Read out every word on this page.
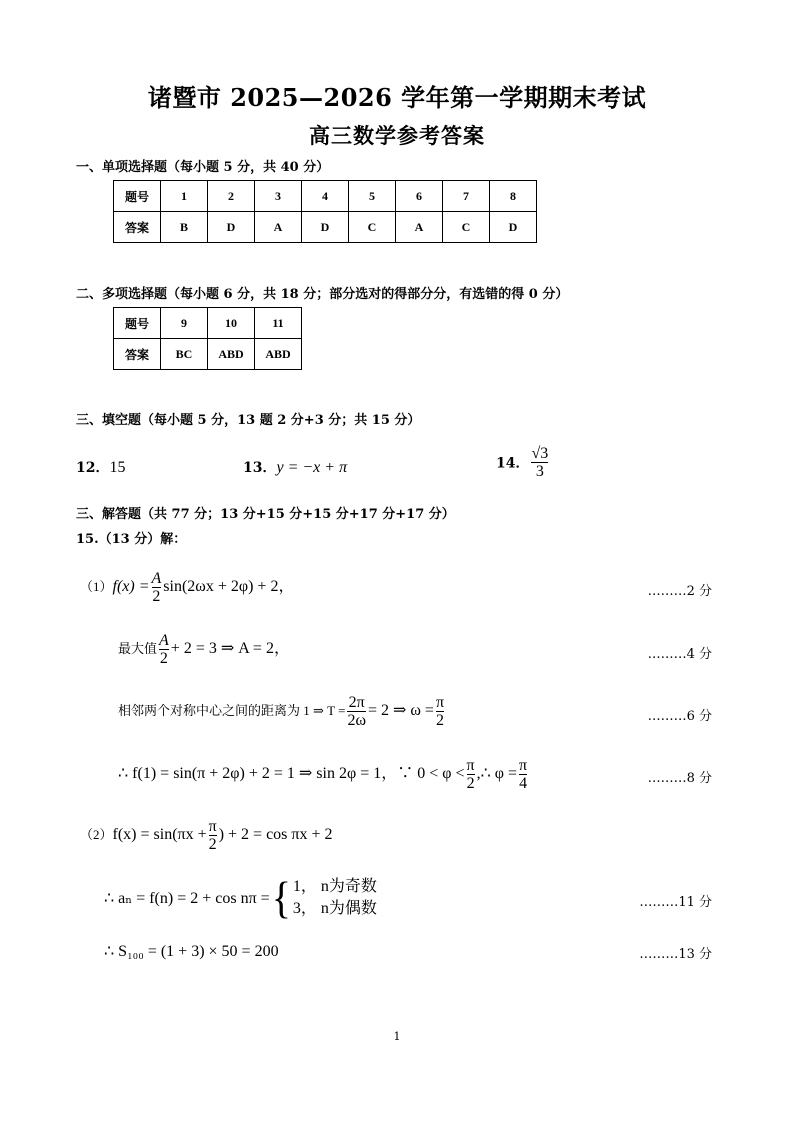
诸暨市 2025—2026 学年第一学期期末考试
高三数学参考答案
一、单项选择题（每小题 5 分，共 40 分）
题号	1	2	3	4	5	6	7	8
答案	B	D	A	D	C	A	C	D
二、多项选择题（每小题 6 分，共 18 分；部分选对的得部分分，有选错的得 0 分）
题号	9	10	11
答案	BC	ABD	ABD
三、填空题（每小题 5 分，13 题 2 分+3 分；共 15 分）
12．15	13．y = −x + π	14． $\frac{√3}{3}$
三、解答题（共 77 分；13 分+15 分+15 分+17 分+17 分）
15.（13 分）解：
$(1)f(x) = \frac{A}{2} \sin(2\omega x + 2\varphi) + 2$，	………2 分
最大值 $\frac{A}{2} + 2 = 3$ ⇒ A = 2，	………4 分
相邻两个对称中心之间的距离为 1 ⇒ $T = \frac{2\pi}{2\omega} = 2$ ⇒ $\omega = \frac{\pi}{2}$	………6 分
∴ f(1) = sin(π + 2φ) + 2 = 1 ⇒ sin 2φ = 1，∵ $0 < \varphi < \frac{\pi}{2}$ ,∴ $\varphi = \frac{\pi}{4}$	………8 分
$(2)f(x) = \sin(\pi x + \frac{\pi}{2}$ ) + 2 = cos πx + 2
∴ aₙ = f(n) = 2 + cos nπ ={ 1， n为奇数
3， n为偶数	………11 分
∴ S₁₀₀ = (1 + 3) × 50 = 200	………13 分
1
